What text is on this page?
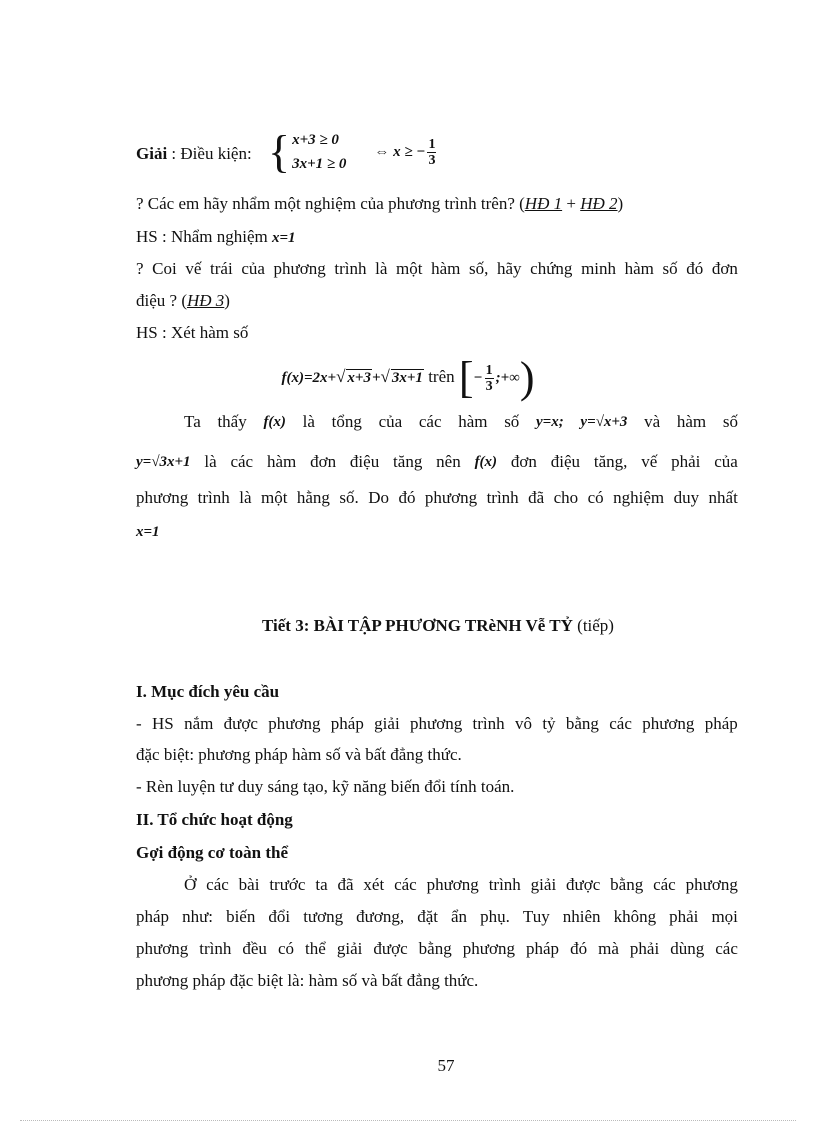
Giải : Điều kiện: { x+3 ≥ 0
3x+1 ≥ 0
⇔ x ≥ − $\frac{1}{3}$
? Các em hãy nhẩm một nghiệm của phương trình trên? (HĐ 1 + HĐ 2)
HS : Nhẩm nghiệm x=1
? Coi vế trái của phương trình là một hàm số, hãy chứng minh hàm số đó đơn
điệu ? (HĐ 3)
HS : Xét hàm số
f(x)=2x+√ x+3+√ 3x+1 trên [− $\frac{1}{3}$ ;+∞)
Ta thấy f(x) là tổng của các hàm số y=x; y=√x+3 và hàm số
y=√3x+1 là các hàm đơn điệu tăng nên f(x) đơn điệu tăng, vế phải của
phương trình là một hằng số. Do đó phương trình đã cho có nghiệm duy nhất
x=1
Tiết 3: BÀI TẬP PHƯƠNG TRèNH Vễ TỶ (tiếp)
I. Mục đích yêu cầu
- HS nắm được phương pháp giải phương trình vô tỷ bằng các phương pháp
đặc biệt: phương pháp hàm số và bất đẳng thức.
- Rèn luyện tư duy sáng tạo, kỹ năng biến đổi tính toán.
II. Tổ chức hoạt động
Gợi động cơ toàn thể
Ở các bài trước ta đã xét các phương trình giải được bằng các phương
pháp như: biến đổi tương đương, đặt ẩn phụ. Tuy nhiên không phải mọi
phương trình đều có thể giải được bằng phương pháp đó mà phải dùng các
phương pháp đặc biệt là: hàm số và bất đẳng thức.
57
